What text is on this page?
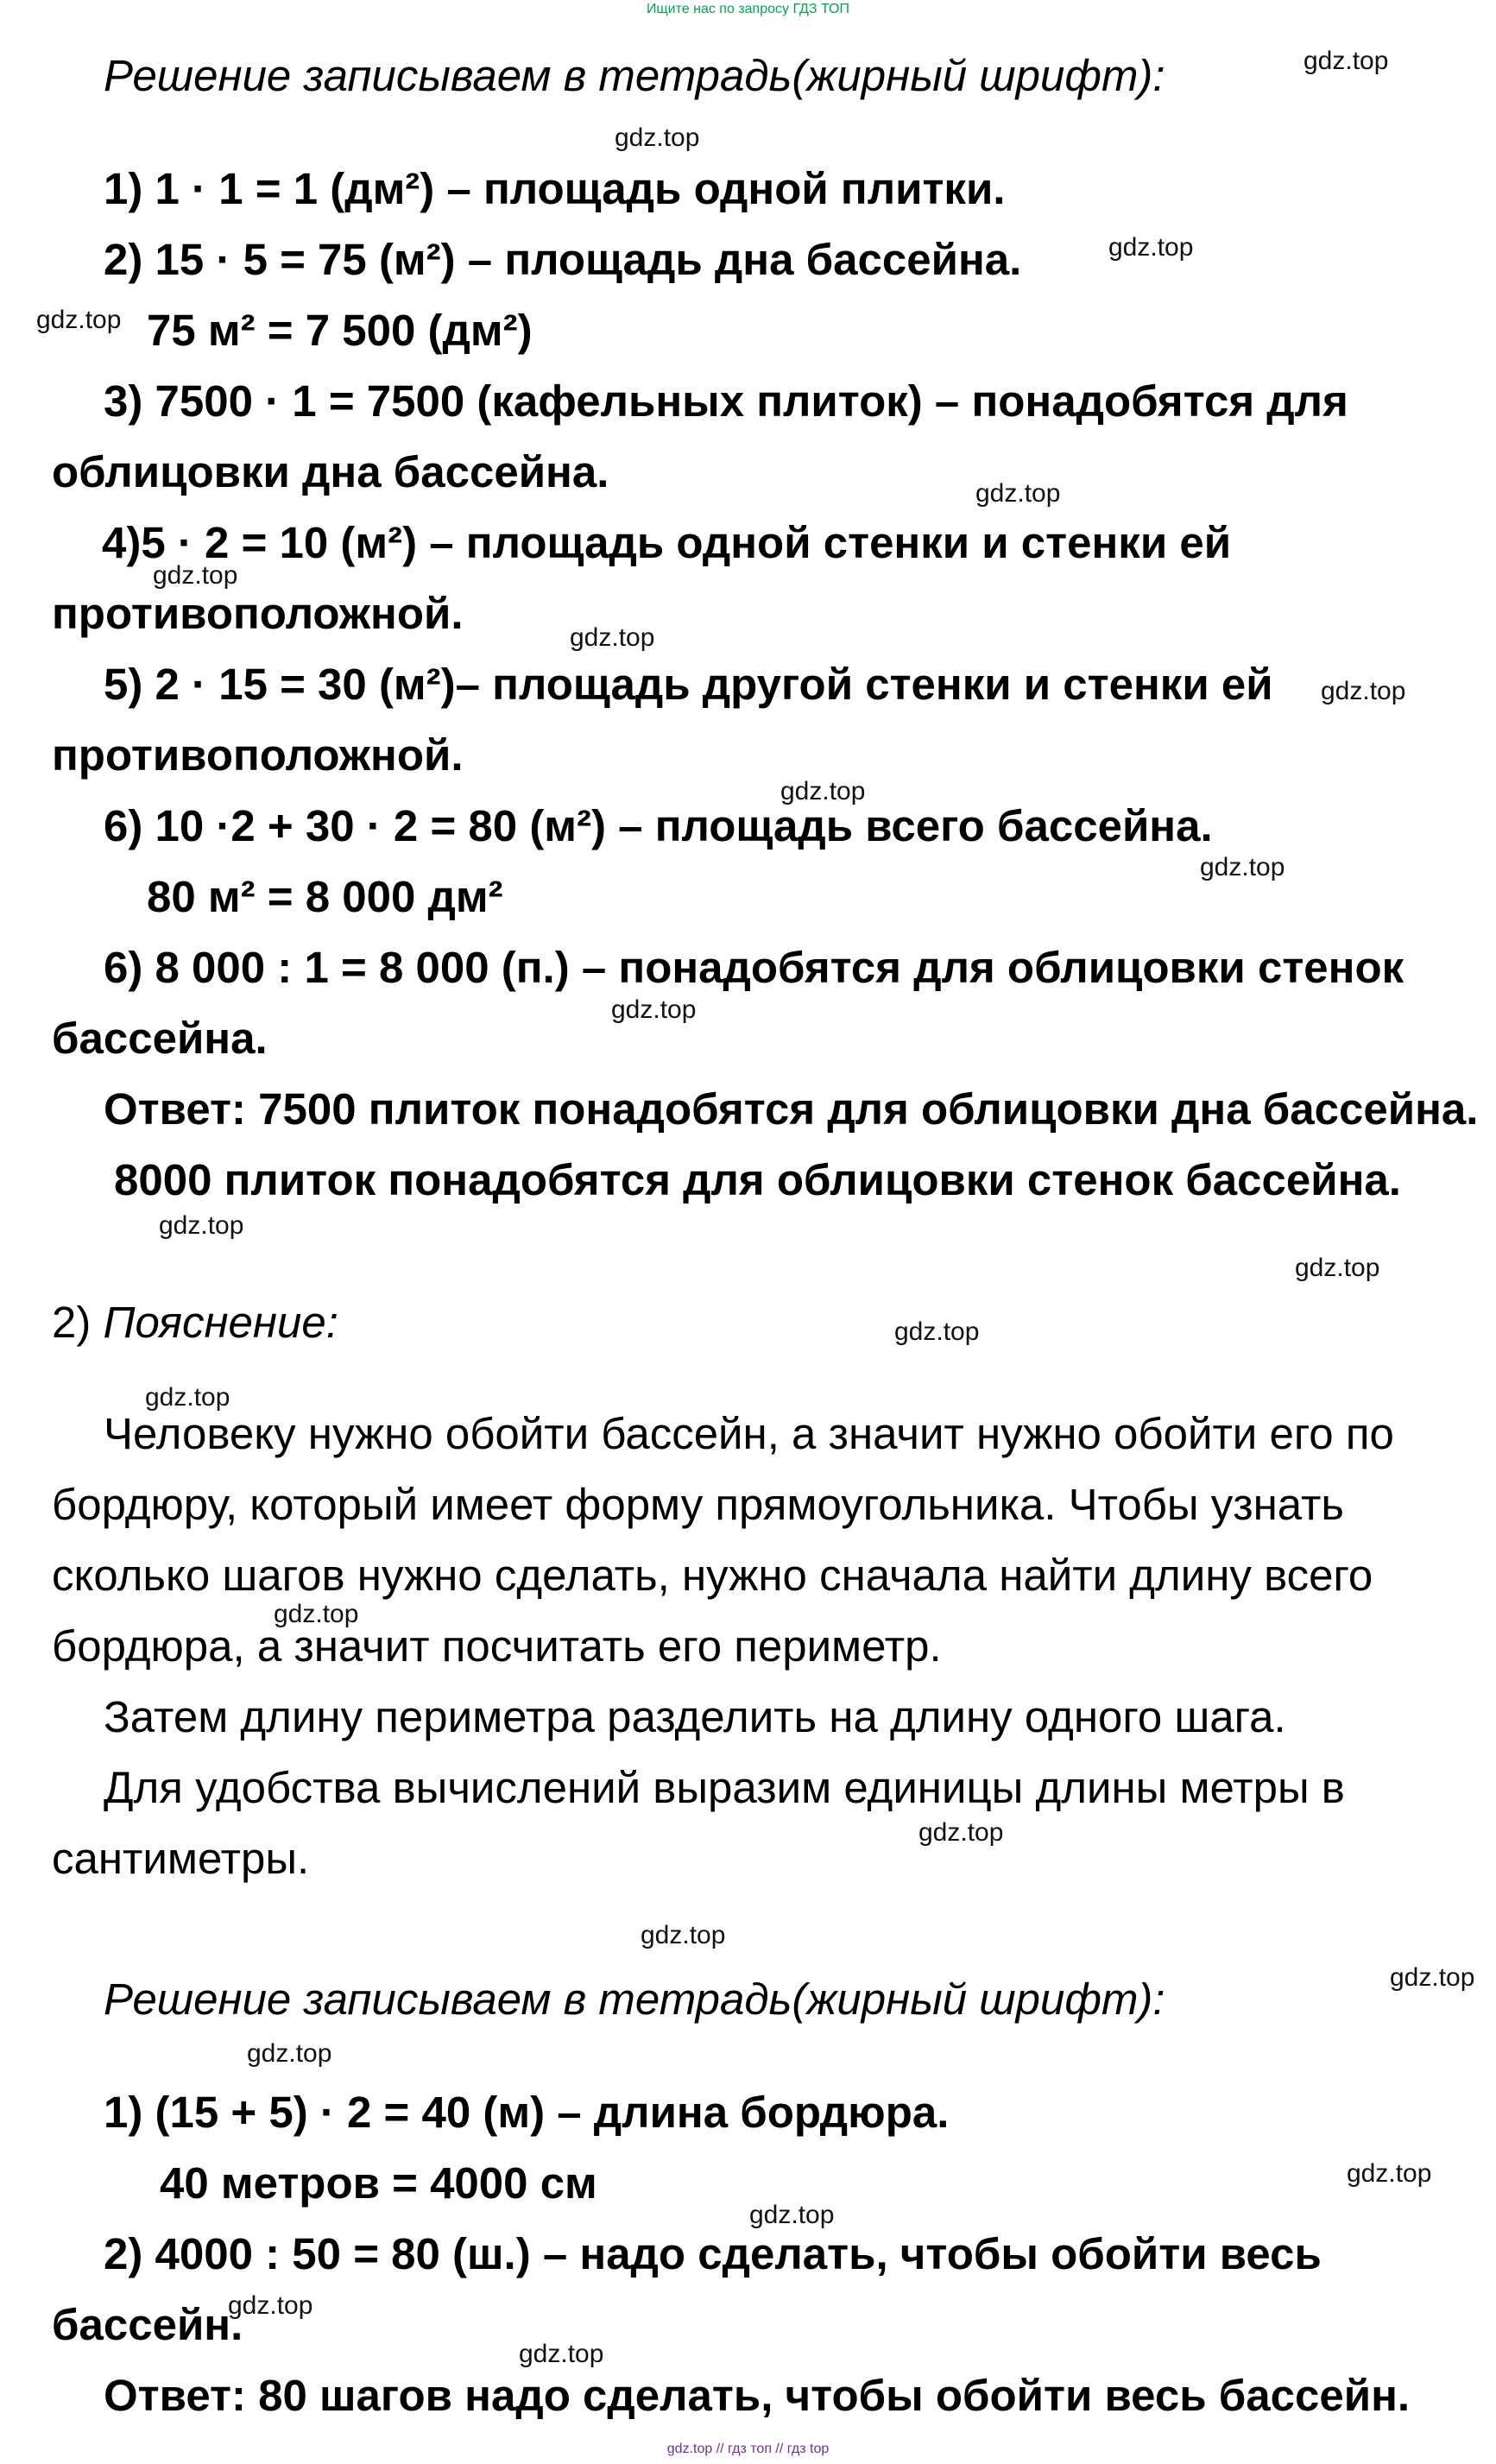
Ищите нас по запросу ГДЗ ТОП
Решение записываем в тетрадь(жирный шрифт):
1) 1 · 1 = 1 (дм²) – площадь одной плитки.
2) 15 · 5 = 75 (м²) – площадь дна бассейна.
75 м² = 7 500 (дм²)
3) 7500 · 1 = 7500 (кафельных плиток) – понадобятся для
облицовки дна бассейна.
4)5 · 2 = 10 (м²) – площадь одной стенки и стенки ей
противоположной.
5) 2 · 15 = 30 (м²)– площадь другой стенки и стенки ей
противоположной.
6) 10 ·2 + 30 · 2 = 80 (м²) – площадь всего бассейна.
80 м² = 8 000 дм²
6) 8 000 : 1 = 8 000 (п.) – понадобятся для облицовки стенок
бассейна.
Ответ: 7500 плиток понадобятся для облицовки дна бассейна.
8000 плиток понадобятся для облицовки стенок бассейна.
2) Пояснение:
Человеку нужно обойти бассейн, а значит нужно обойти его по
бордюру, который имеет форму прямоугольника. Чтобы узнать
сколько шагов нужно сделать, нужно сначала найти длину всего
бордюра, а значит посчитать его периметр.
Затем длину периметра разделить на длину одного шага.
Для удобства вычислений выразим единицы длины метры в
сантиметры.
Решение записываем в тетрадь(жирный шрифт):
1) (15 + 5) · 2 = 40 (м) – длина бордюра.
40 метров = 4000 см
2) 4000 : 50 = 80 (ш.) – надо сделать, чтобы обойти весь
бассейн.
Ответ: 80 шагов надо сделать, чтобы обойти весь бассейн.
gdz.top
gdz.top
gdz.top
gdz.top
gdz.top
gdz.top
gdz.top
gdz.top
gdz.top
gdz.top
gdz.top
gdz.top
gdz.top
gdz.top
gdz.top
gdz.top
gdz.top
gdz.top
gdz.top
gdz.top
gdz.top
gdz.top
gdz.top
gdz.top
gdz.top // гдз топ // гдз top
